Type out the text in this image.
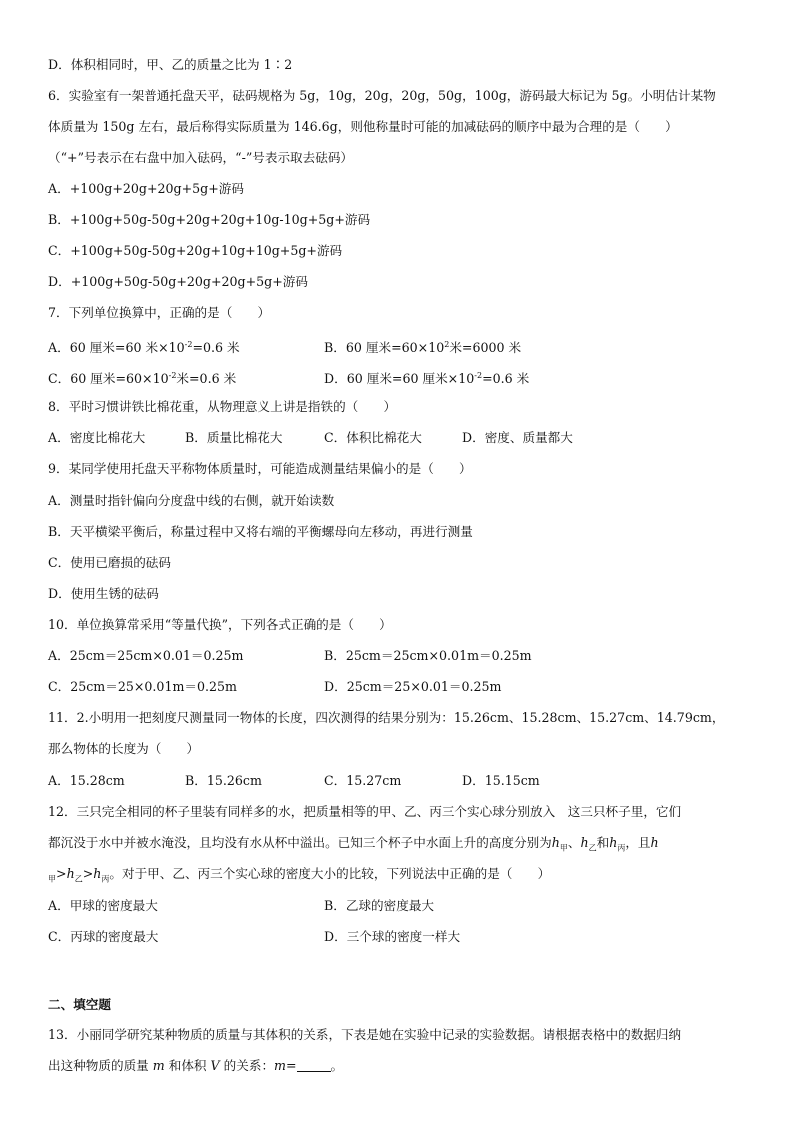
D．体积相同时，甲、乙的质量之比为 1∶2
6．实验室有一架普通托盘天平，砝码规格为 5g，10g，20g，20g，50g，100g，游码最大标记为 5g。小明估计某物
体质量为 150g 左右，最后称得实际质量为 146.6g，则他称量时可能的加减砝码的顺序中最为合理的是（　　）
（“+”号表示在右盘中加入砝码，“-”号表示取去砝码）
A．+100g+20g+20g+5g+游码
B．+100g+50g-50g+20g+20g+10g-10g+5g+游码
C．+100g+50g-50g+20g+10g+10g+5g+游码
D．+100g+50g-50g+20g+20g+5g+游码
7．下列单位换算中，正确的是（　　）
A．60 厘米=60 米$\times 10^{-2}=0.6$ 米	B．60 厘米$=60\times 10^2$米=6000 米
C．60 厘米$=60\times 10^{-2}$米=0.6 米	D．60 厘米=60 厘米$\times 10^{-2}=0.6$ 米
8．平时习惯讲铁比棉花重，从物理意义上讲是指铁的（　　）
A．密度比棉花大	B．质量比棉花大	C．体积比棉花大	D．密度、质量都大
9．某同学使用托盘天平称物体质量时，可能造成测量结果偏小的是（　　）
A．测量时指针偏向分度盘中线的右侧，就开始读数
B．天平横梁平衡后，称量过程中又将右端的平衡螺母向左移动，再进行测量
C．使用已磨损的砝码
D．使用生锈的砝码
10．单位换算常采用“等量代换”，下列各式正确的是（　　）
A．25cm＝25cm×0.01＝0.25m	B．25cm＝25cm×0.01m＝0.25m
C．25cm＝25×0.01m＝0.25m	D．25cm＝25×0.01＝0.25m
11．2.小明用一把刻度尺测量同一物体的长度，四次测得的结果分别为：15.26cm、15.28cm、15.27cm、14.79cm，
那么物体的长度为（　　）
A．15.28cm	B．15.26cm	C．15.27cm	D．15.15cm
12．三只完全相同的杯子里装有同样多的水，把质量相等的甲、乙、丙三个实心球分别放入　这三只杯子里，它们
都沉没于水中并被水淹没，且均没有水从杯中溢出。已知三个杯子中水面上升的高度分别为$h_甲$、$h_乙$和$h_丙$，且h
$_甲>h_乙>h_丙$。对于甲、乙、丙三个实心球的密度大小的比较，下列说法中正确的是（　　）
A．甲球的密度最大	B．乙球的密度最大
C．丙球的密度最大	D．三个球的密度一样大
二、填空题
13．小丽同学研究某种物质的质量与其体积的关系，下表是她在实验中记录的实验数据。请根据表格中的数据归纳
出这种物质的质量 m 和体积 V 的关系：m=	。
